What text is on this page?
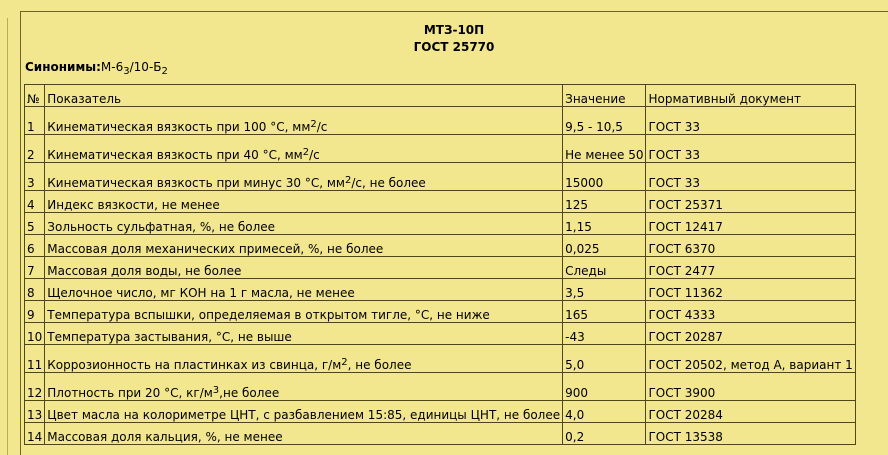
МТЗ-10П
ГОСТ 25770
$Синонимы:М-6_3/10-Б_2$
№	Показатель	Значение	Нормативный документ
1	Кинематическая вязкость при 100 °С, $мм^2/с$	9,5 - 10,5	ГОСТ 33
2	Кинематическая вязкость при 40 °С, $мм^2/с$	Не менее 50	ГОСТ 33
3	Кинематическая вязкость при минус 30 °С, $мм^2/с$, не более	15000	ГОСТ 33
4	Индекс вязкости, не менее	125	ГОСТ 25371
5	Зольность сульфатная, %, не более	1,15	ГОСТ 12417
6	Массовая доля механических примесей, %, не более	0,025	ГОСТ 6370
7	Массовая доля воды, не более	Следы	ГОСТ 2477
8	Щелочное число, мг КОН на 1 г масла, не менее	3,5	ГОСТ 11362
9	Температура вспышки, определяемая в открытом тигле, °С, не ниже	165	ГОСТ 4333
10	Температура застывания, °С, не выше	-43	ГОСТ 20287
11	Коррозионность на пластинках из свинца, $г/м^2$, не более	5,0	ГОСТ 20502, метод А, вариант 1
12	Плотность при 20 °С, $кг/м^3,не$ более	900	ГОСТ 3900
13	Цвет масла на колориметре ЦНТ, с разбавлением 15:85, единицы ЦНТ, не более	4,0	ГОСТ 20284
14	Массовая доля кальция, %, не менее	0,2	ГОСТ 13538
